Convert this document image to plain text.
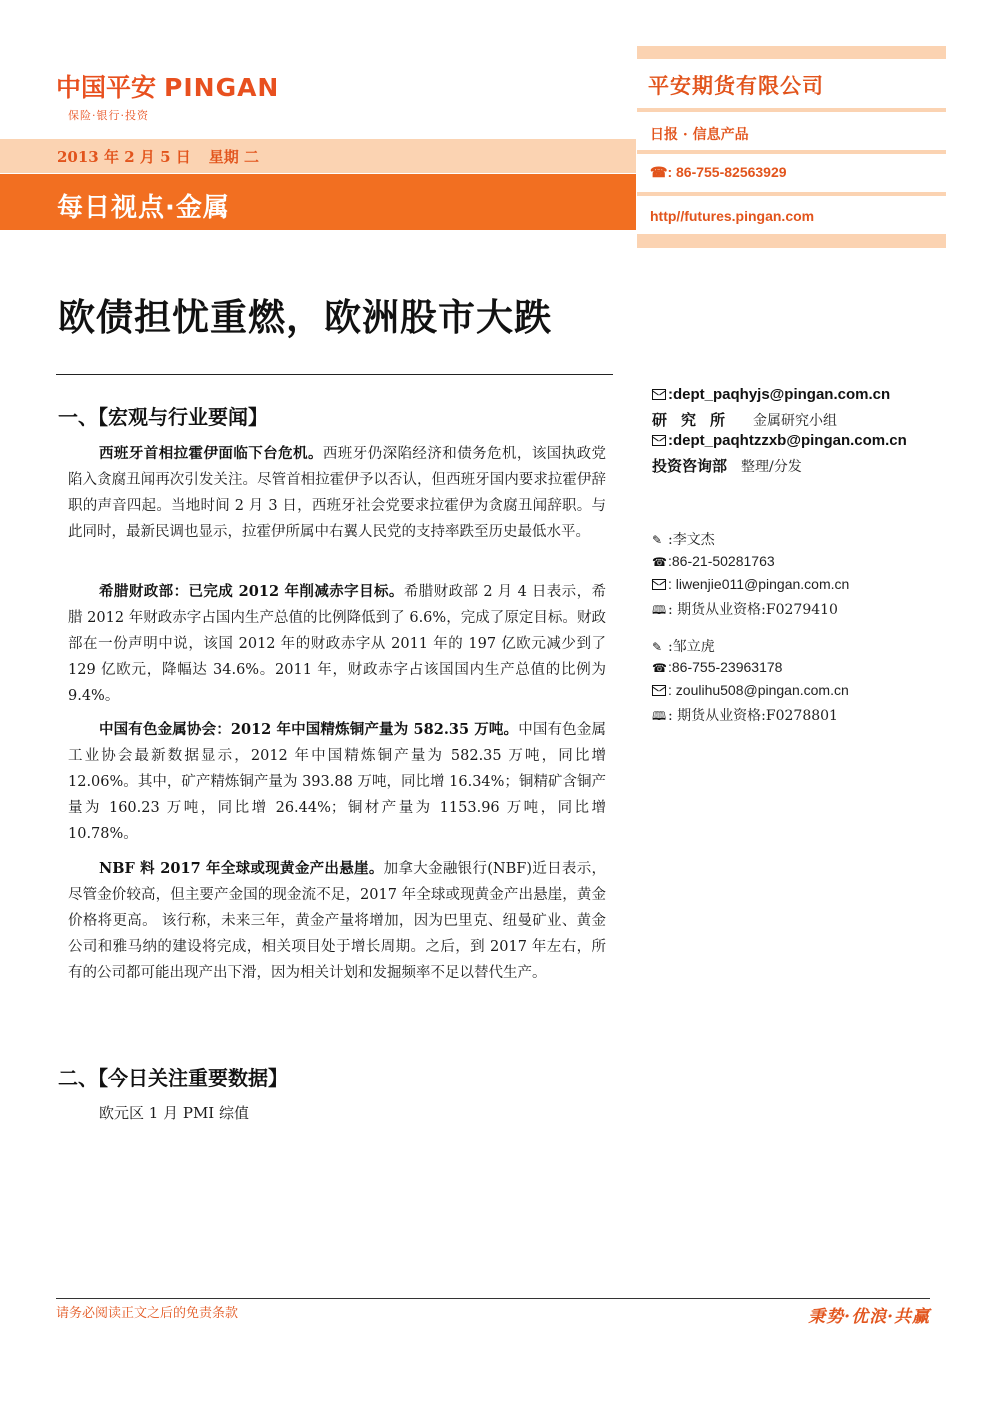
中国平安 PINGAN
保险·银行·投资
2013 年 2 月 5 日 星期 二
每日视点·金属
平安期货有限公司
日报 · 信息产品
☎: 86-755-82563929
http//futures.pingan.com
欧债担忧重燃，欧洲股市大跌
一、【宏观与行业要闻】
西班牙首相拉霍伊面临下台危机。西班牙仍深陷经济和债务危机，该国执政党陷入贪腐丑闻再次引发关注。尽管首相拉霍伊予以否认，但西班牙国内要求拉霍伊辞职的声音四起。当地时间 2 月 3 日，西班牙社会党要求拉霍伊为贪腐丑闻辞职。与此同时，最新民调也显示，拉霍伊所属中右翼人民党的支持率跌至历史最低水平。
希腊财政部：已完成 2012 年削减赤字目标。希腊财政部 2 月 4 日表示，希腊 2012 年财政赤字占国内生产总值的比例降低到了 6.6%，完成了原定目标。财政部在一份声明中说，该国 2012 年的财政赤字从 2011 年的 197 亿欧元减少到了 129 亿欧元，降幅达 34.6%。2011 年，财政赤字占该国国内生产总值的比例为 9.4%。
中国有色金属协会：2012 年中国精炼铜产量为 582.35 万吨。中国有色金属工业协会最新数据显示，2012 年中国精炼铜产量为 582.35 万吨，同比增 12.06%。其中，矿产精炼铜产量为 393.88 万吨，同比增 16.34%；铜精矿含铜产量为 160.23 万吨，同比增 26.44%；铜材产量为 1153.96 万吨，同比增 10.78%。
NBF 料 2017 年全球或现黄金产出悬崖。加拿大金融银行(NBF)近日表示，尽管金价较高，但主要产金国的现金流不足，2017 年全球或现黄金产出悬崖，黄金价格将更高。 该行称，未来三年，黄金产量将增加，因为巴里克、纽曼矿业、黄金公司和雅马纳的建设将完成，相关项目处于增长周期。之后，到 2017 年左右，所有的公司都可能出现产出下滑，因为相关计划和发掘频率不足以替代生产。
二、【今日关注重要数据】
欧元区 1 月 PMI 综值
:dept_paqhyjs@pingan.com.cn
研究所 金属研究小组
:dept_paqhtzzxb@pingan.com.cn
投资咨询部 整理/分发
✎ :李文杰
☎:86-21-50281763
: liwenjie011@pingan.com.cn
🕮 : 期货从业资格:F0279410
✎ :邹立虎
☎:86-755-23963178
: zoulihu508@pingan.com.cn
🕮 : 期货从业资格:F0278801
请务必阅读正文之后的免责条款	秉势·优浪·共赢
